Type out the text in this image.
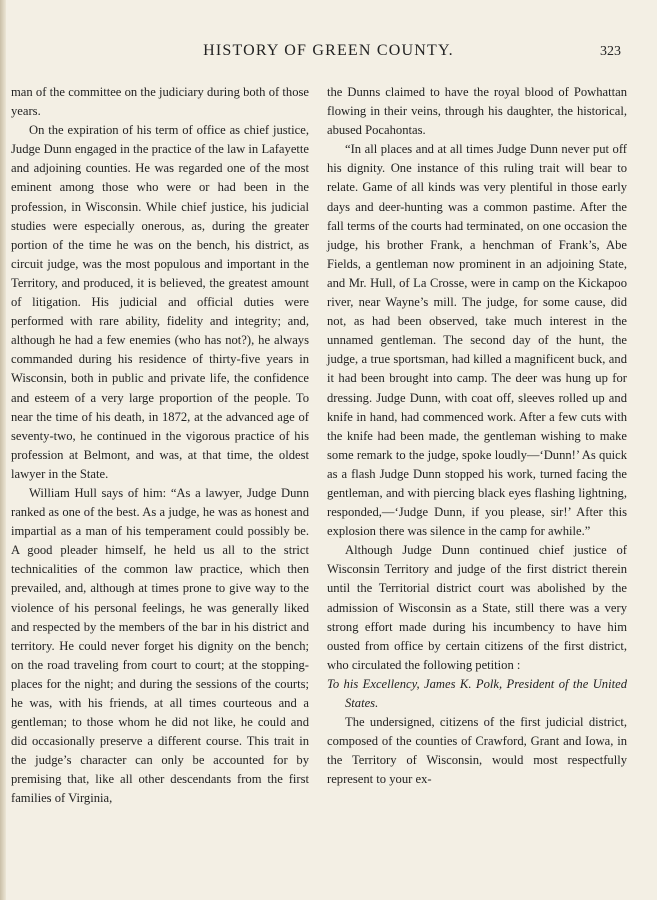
HISTORY OF GREEN COUNTY.	323

man of the committee on the judiciary during both of those years.

On the expiration of his term of office as chief justice, Judge Dunn engaged in the practice of the law in Lafayette and adjoining counties. He was regarded one of the most eminent among those who were or had been in the profession, in Wisconsin. While chief justice, his judicial studies were especially onerous, as, during the greater portion of the time he was on the bench, his district, as circuit judge, was the most populous and important in the Territory, and produced, it is believed, the greatest amount of litigation. His judicial and official duties were performed with rare ability, fidelity and integrity; and, although he had a few enemies (who has not?), he always commanded during his residence of thirty-five years in Wisconsin, both in public and private life, the confidence and esteem of a very large proportion of the people. To near the time of his death, in 1872, at the advanced age of seventy-two, he continued in the vigorous practice of his profession at Belmont, and was, at that time, the oldest lawyer in the State.

William Hull says of him: “As a lawyer, Judge Dunn ranked as one of the best. As a judge, he was as honest and impartial as a man of his temperament could possibly be. A good pleader himself, he held us all to the strict technicalities of the common law practice, which then prevailed, and, although at times prone to give way to the violence of his personal feelings, he was generally liked and respected by the members of the bar in his district and territory. He could never forget his dignity on the bench; on the road traveling from court to court; at the stopping-places for the night; and during the sessions of the courts; he was, with his friends, at all times courteous and a gentleman; to those whom he did not like, he could and did occasionally preserve a different course. This trait in the judge’s character can only be accounted for by premising that, like all other descendants from the first families of Virginia,

the Dunns claimed to have the royal blood of Powhattan flowing in their veins, through his daughter, the historical, abused Pocahontas.

“In all places and at all times Judge Dunn never put off his dignity. One instance of this ruling trait will bear to relate. Game of all kinds was very plentiful in those early days and deer-hunting was a common pastime. After the fall terms of the courts had terminated, on one occasion the judge, his brother Frank, a henchman of Frank’s, Abe Fields, a gentleman now prominent in an adjoining State, and Mr. Hull, of La Crosse, were in camp on the Kickapoo river, near Wayne’s mill. The judge, for some cause, did not, as had been observed, take much interest in the unnamed gentleman. The second day of the hunt, the judge, a true sportsman, had killed a magnificent buck, and it had been brought into camp. The deer was hung up for dressing. Judge Dunn, with coat off, sleeves rolled up and knife in hand, had commenced work. After a few cuts with the knife had been made, the gentleman wishing to make some remark to the judge, spoke loudly—‘Dunn!’ As quick as a flash Judge Dunn stopped his work, turned facing the gentleman, and with piercing black eyes flashing lightning, responded,—‘Judge Dunn, if you please, sir!’ After this explosion there was silence in the camp for awhile.”

Although Judge Dunn continued chief justice of Wisconsin Territory and judge of the first district therein until the Territorial district court was abolished by the admission of Wisconsin as a State, still there was a very strong effort made during his incumbency to have him ousted from office by certain citizens of the first district, who circulated the following petition :

To his Excellency, James K. Polk, President of the United States.

The undersigned, citizens of the first judicial district, composed of the counties of Crawford, Grant and Iowa, in the Territory of Wisconsin, would most respectfully represent to your ex-
